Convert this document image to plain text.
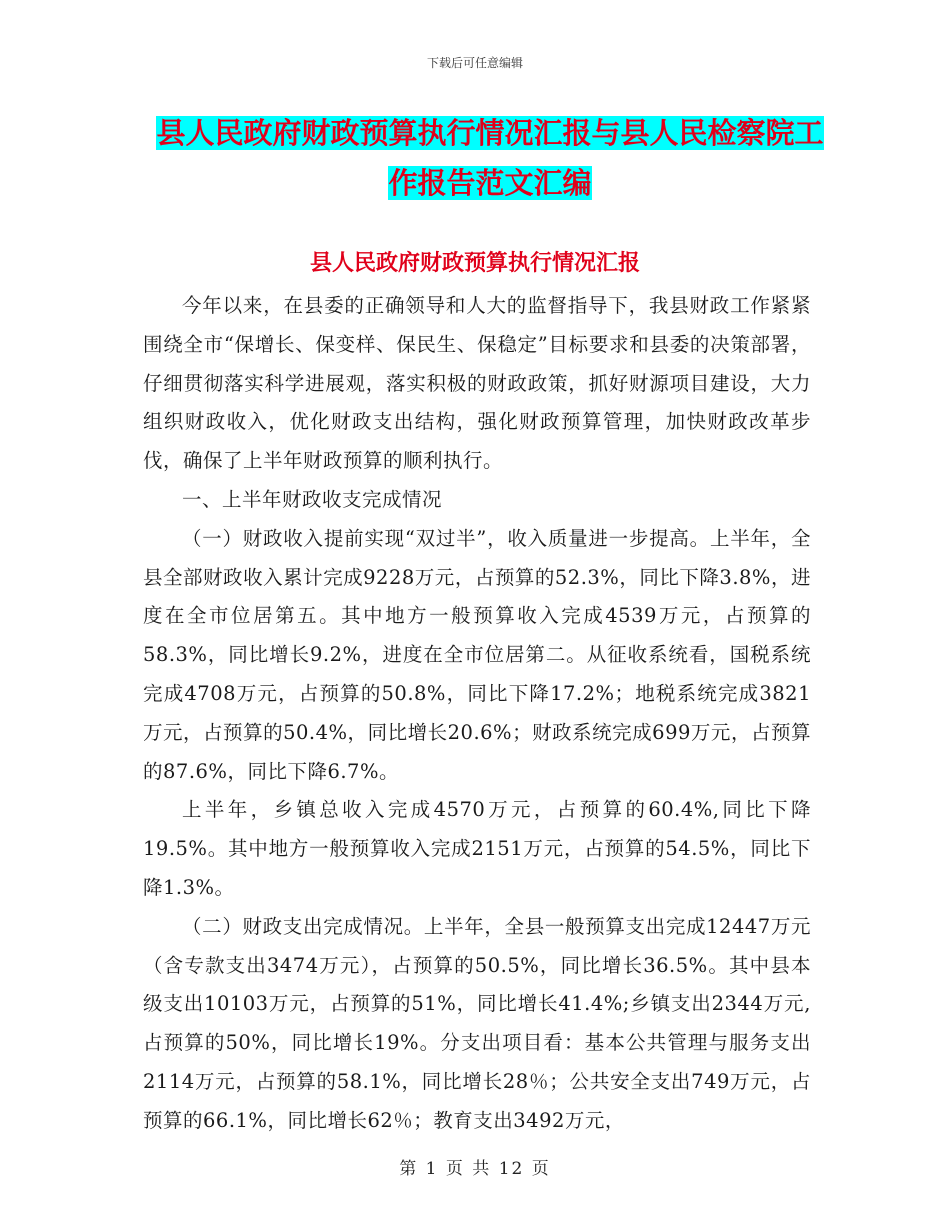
下载后可任意编辑
县人民政府财政预算执行情况汇报与县人民检察院工
作报告范文汇编
县人民政府财政预算执行情况汇报

今年以来，在县委的正确领导和人大的监督指导下，我县财政工作紧紧围绕全市“保增长、保变样、保民生、保稳定”目标要求和县委的决策部署，仔细贯彻落实科学进展观，落实积极的财政政策，抓好财源项目建设，大力组织财政收入，优化财政支出结构，强化财政预算管理，加快财政改革步伐，确保了上半年财政预算的顺利执行。

一、上半年财政收支完成情况

（一）财政收入提前实现“双过半”，收入质量进一步提高。上半年，全县全部财政收入累计完成9228万元，占预算的52.3%，同比下降3.8%，进度在全市位居第五。其中地方一般预算收入完成4539万元，占预算的58.3%，同比增长9.2%，进度在全市位居第二。从征收系统看，国税系统完成4708万元，占预算的50.8%，同比下降17.2%；地税系统完成3821万元，占预算的50.4%，同比增长20.6%；财政系统完成699万元，占预算的87.6%，同比下降6.7%。

上半年，乡镇总收入完成4570万元，占预算的60.4%,同比下降19.5%。其中地方一般预算收入完成2151万元，占预算的54.5%，同比下降1.3%。

（二）财政支出完成情况。上半年，全县一般预算支出完成12447万元（含专款支出3474万元），占预算的50.5%，同比增长36.5%。其中县本级支出10103万元，占预算的51%，同比增长41.4%;乡镇支出2344万元,占预算的50%，同比增长19%。分支出项目看：基本公共管理与服务支出2114万元，占预算的58.1%，同比增长28％；公共安全支出749万元，占预算的66.1%，同比增长62％；教育支出3492万元，

第 1 页 共 12 页
